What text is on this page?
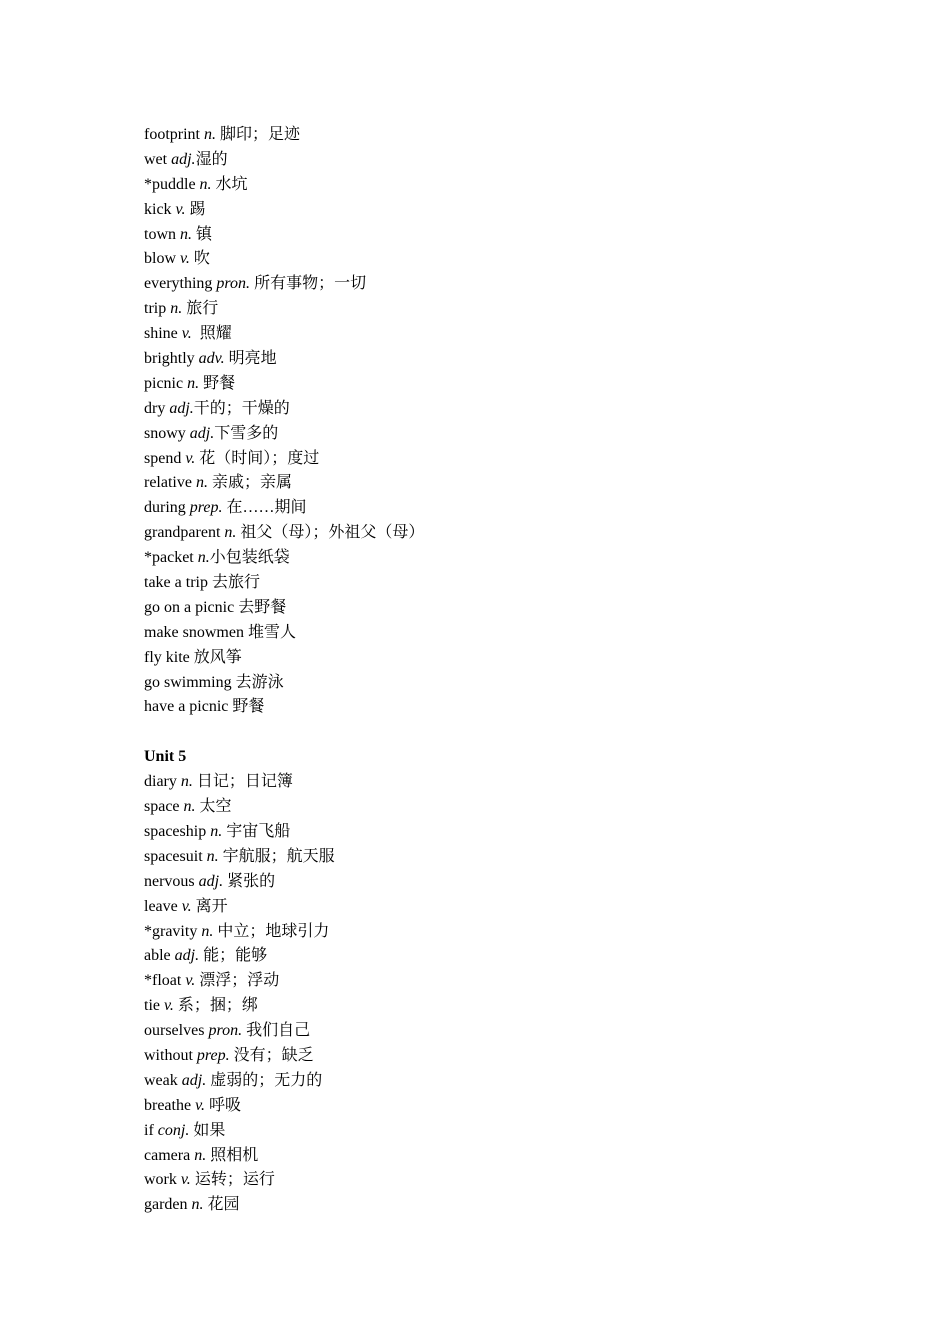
footprint n. 脚印；足迹
wet adj.湿的
*puddle n. 水坑
kick v. 踢
town n. 镇
blow v. 吹
everything pron. 所有事物；一切
trip n. 旅行
shine v.  照耀
brightly adv. 明亮地
picnic n. 野餐
dry adj.干的；干燥的
snowy adj.下雪多的
spend v. 花（时间）；度过
relative n. 亲戚；亲属
during prep. 在……期间
grandparent n. 祖父（母）；外祖父（母）
*packet n.小包装纸袋
take a trip 去旅行
go on a picnic 去野餐
make snowmen 堆雪人
fly kite 放风筝
go swimming 去游泳
have a picnic 野餐
Unit 5
diary n. 日记；日记簿
space n. 太空
spaceship n. 宇宙飞船
spacesuit n. 宇航服；航天服
nervous adj. 紧张的
leave v. 离开
*gravity n. 中立；地球引力
able adj. 能；能够
*float v. 漂浮；浮动
tie v. 系；捆；绑
ourselves pron. 我们自己
without prep. 没有；缺乏
weak adj. 虚弱的；无力的
breathe v. 呼吸
if conj. 如果
camera n. 照相机
work v. 运转；运行
garden n. 花园
